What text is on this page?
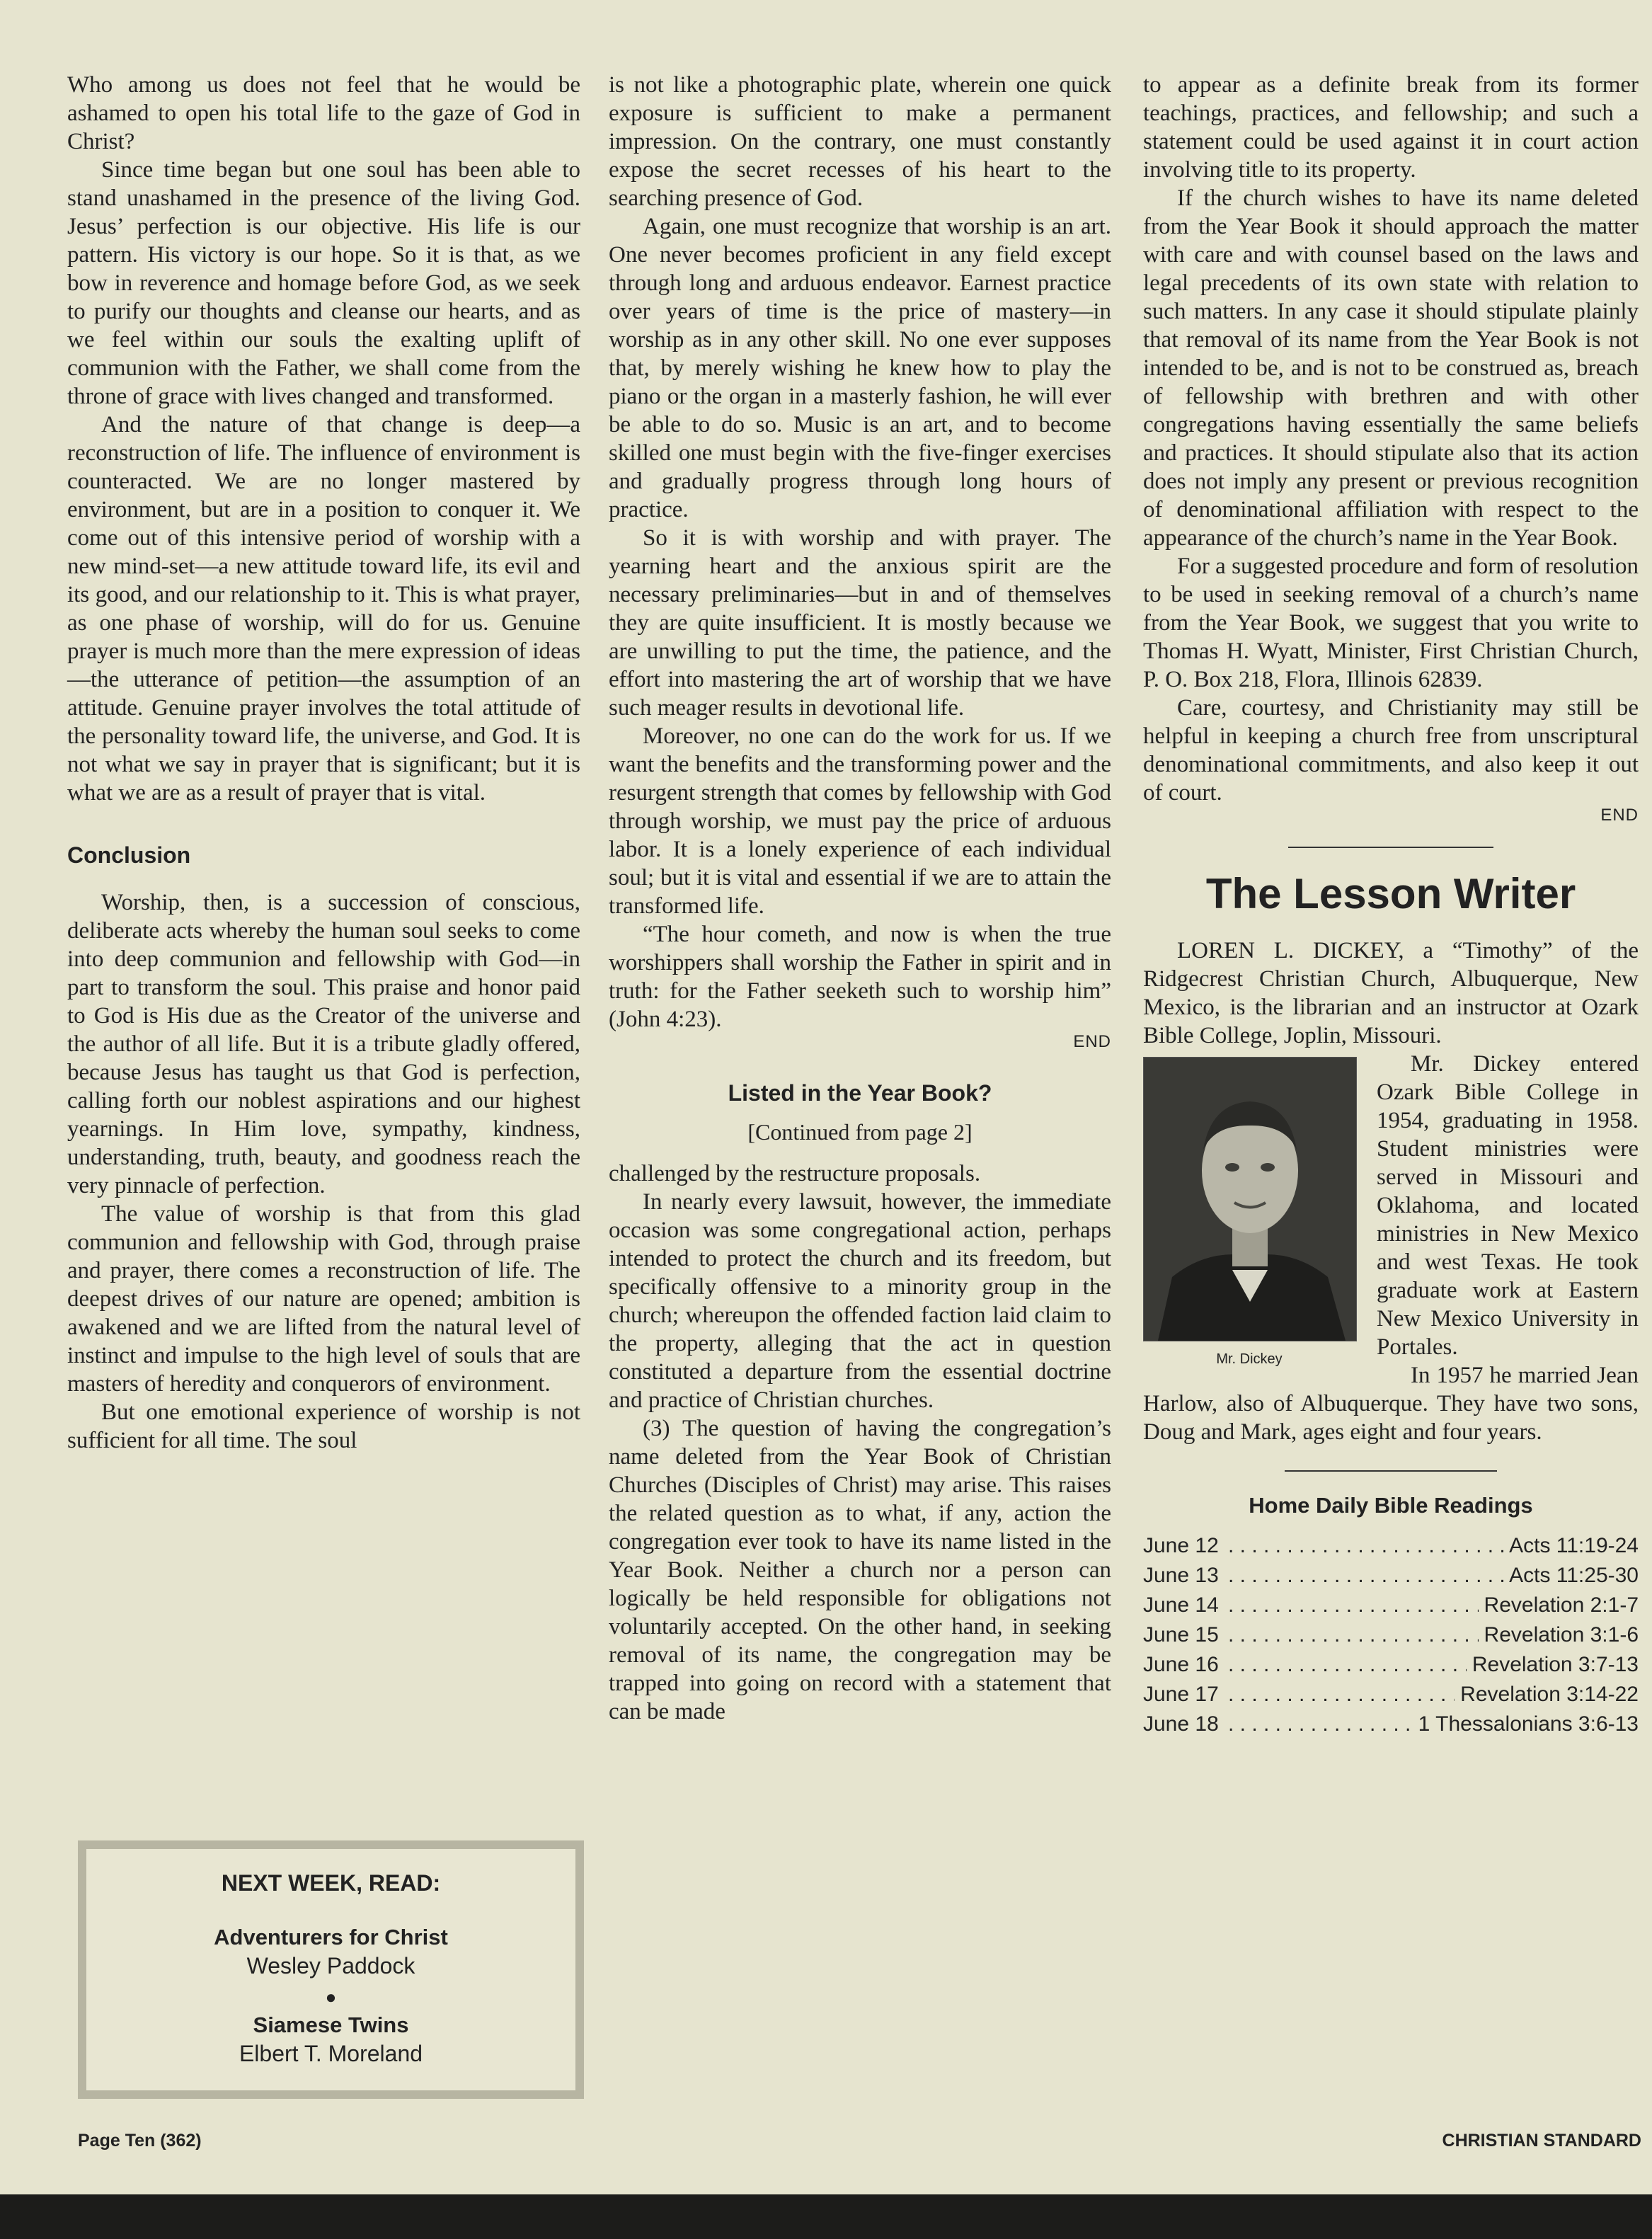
Who among us does not feel that he would be ashamed to open his total life to the gaze of God in Christ?

Since time began but one soul has been able to stand unashamed in the presence of the living God. Jesus’ perfection is our objective. His life is our pattern. His victory is our hope. So it is that, as we bow in reverence and homage before God, as we seek to purify our thoughts and cleanse our hearts, and as we feel within our souls the exalting uplift of communion with the Father, we shall come from the throne of grace with lives changed and transformed.

And the nature of that change is deep—a reconstruction of life. The influence of environment is counteracted. We are no longer mastered by environment, but are in a position to conquer it. We come out of this intensive period of worship with a new mind-set—a new attitude toward life, its evil and its good, and our relationship to it. This is what prayer, as one phase of worship, will do for us. Genuine prayer is much more than the mere expression of ideas—the utterance of petition—the assumption of an attitude. Genuine prayer involves the total attitude of the personality toward life, the universe, and God. It is not what we say in prayer that is significant; but it is what we are as a result of prayer that is vital.

Conclusion

Worship, then, is a succession of conscious, deliberate acts whereby the human soul seeks to come into deep communion and fellowship with God—in part to transform the soul. This praise and honor paid to God is His due as the Creator of the universe and the author of all life. But it is a tribute gladly offered, because Jesus has taught us that God is perfection, calling forth our noblest aspirations and our highest yearnings. In Him love, sympathy, kindness, understanding, truth, beauty, and goodness reach the very pinnacle of perfection.

The value of worship is that from this glad communion and fellowship with God, through praise and prayer, there comes a reconstruction of life. The deepest drives of our nature are opened; ambition is awakened and we are lifted from the natural level of instinct and impulse to the high level of souls that are masters of heredity and conquerors of environment.

But one emotional experience of worship is not sufficient for all time. The soul

NEXT WEEK, READ:
Adventurers for Christ
Wesley Paddock
●
Siamese Twins
Elbert T. Moreland

is not like a photographic plate, wherein one quick exposure is sufficient to make a permanent impression. On the contrary, one must constantly expose the secret recesses of his heart to the searching presence of God.

Again, one must recognize that worship is an art. One never becomes proficient in any field except through long and arduous endeavor. Earnest practice over years of time is the price of mastery—in worship as in any other skill. No one ever supposes that, by merely wishing he knew how to play the piano or the organ in a masterly fashion, he will ever be able to do so. Music is an art, and to become skilled one must begin with the five-finger exercises and gradually progress through long hours of practice.

So it is with worship and with prayer. The yearning heart and the anxious spirit are the necessary preliminaries—but in and of themselves they are quite insufficient. It is mostly because we are unwilling to put the time, the patience, and the effort into mastering the art of worship that we have such meager results in devotional life.

Moreover, no one can do the work for us. If we want the benefits and the transforming power and the resurgent strength that comes by fellowship with God through worship, we must pay the price of arduous labor. It is a lonely experience of each individual soul; but it is vital and essential if we are to attain the transformed life.

“The hour cometh, and now is when the true worshippers shall worship the Father in spirit and in truth: for the Father seeketh such to worship him” (John 4:23).

END
Listed in the Year Book?
[Continued from page 2]

challenged by the restructure proposals.

In nearly every lawsuit, however, the immediate occasion was some congregational action, perhaps intended to protect the church and its freedom, but specifically offensive to a minority group in the church; whereupon the offended faction laid claim to the property, alleging that the act in question constituted a departure from the essential doctrine and practice of Christian churches.

(3) The question of having the congregation’s name deleted from the Year Book of Christian Churches (Disciples of Christ) may arise. This raises the related question as to what, if any, action the congregation ever took to have its name listed in the Year Book. Neither a church nor a person can logically be held responsible for obligations not voluntarily accepted. On the other hand, in seeking removal of its name, the congregation may be trapped into going on record with a statement that can be made

to appear as a definite break from its former teachings, practices, and fellowship; and such a statement could be used against it in court action involving title to its property.

If the church wishes to have its name deleted from the Year Book it should approach the matter with care and with counsel based on the laws and legal precedents of its own state with relation to such matters. In any case it should stipulate plainly that removal of its name from the Year Book is not intended to be, and is not to be construed as, breach of fellowship with brethren and with other congregations having essentially the same beliefs and practices. It should stipulate also that its action does not imply any present or previous recognition of denominational affiliation with respect to the appearance of the church’s name in the Year Book.

For a suggested procedure and form of resolution to be used in seeking removal of a church’s name from the Year Book, we suggest that you write to Thomas H. Wyatt, Minister, First Christian Church, P. O. Box 218, Flora, Illinois 62839.

Care, courtesy, and Christianity may still be helpful in keeping a church free from unscriptural denominational commitments, and also keep it out of court.

END
The Lesson Writer

LOREN L. DICKEY, a “Timothy” of the Ridgecrest Christian Church, Albuquerque, New Mexico, is the librarian and an instructor at Ozark Bible College, Joplin, Missouri.

Mr. Dickey

Mr. Dickey entered Ozark Bible College in 1954, graduating in 1958. Student ministries were served in Missouri and Oklahoma, and located ministries in New Mexico and west Texas. He took graduate work at Eastern New Mexico University in Portales.

In 1957 he married Jean Harlow, also of Albuquerque. They have two sons, Doug and Mark, ages eight and four years.

Home Daily Bible Readings
June 12 . . .	Acts 11:19-24
June 13 . . .	Acts 11:25-30
June 14 . . .	Revelation 2:1-7
June 15 . . .	Revelation 3:1-6
June 16 . . .	Revelation 3:7-13
June 17 . . .	Revelation 3:14-22
June 18 . . .	1 Thessalonians 3:6-13
Page Ten (362)	CHRISTIAN STANDARD
